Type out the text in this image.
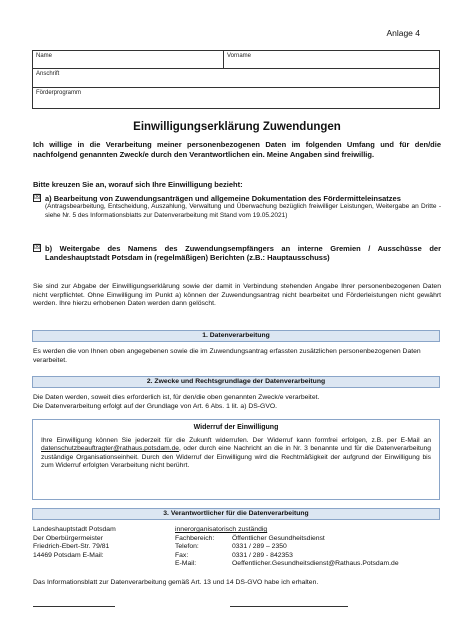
Anlage 4
Name	Vorname
Anschrift
Förderprogramm
Einwilligungserklärung Zuwendungen
Ich willige in die Verarbeitung meiner personenbezogenen Daten im folgenden Umfang und für den/die nachfolgend genannten Zweck/e durch den Verantwortlichen ein. Meine Angaben sind freiwillig.
Bitte kreuzen Sie an, worauf sich Ihre Einwilligung bezieht:
☒ a) Bearbeitung von Zuwendungsanträgen und allgemeine Dokumentation des Fördermitteleinsatzes
(Antragsbearbeitung, Entscheidung, Auszahlung, Verwaltung und Überwachung bezüglich freiwilliger Leistungen, Weitergabe an Dritte - siehe Nr. 5 des Informationsblatts zur Datenverarbeitung mit Stand vom 19.05.2021)
☒ b) Weitergabe des Namens des Zuwendungsempfängers an interne Gremien / Ausschüsse der Landeshauptstadt Potsdam in (regelmäßigen) Berichten (z.B.: Hauptausschuss)
Sie sind zur Abgabe der Einwilligungserklärung sowie der damit in Verbindung stehenden Angabe Ihrer personenbezogenen Daten nicht verpflichtet. Ohne Einwilligung im Punkt a) können der Zuwendungsantrag nicht bearbeitet und Förderleistungen nicht gewährt werden. Ihre hierzu erhobenen Daten werden dann gelöscht.
1. Datenverarbeitung
Es werden die von Ihnen oben angegebenen sowie die im Zuwendungsantrag erfassten zusätzlichen personenbezogenen Daten verarbeitet.
2. Zwecke und Rechtsgrundlage der Datenverarbeitung
Die Daten werden, soweit dies erforderlich ist, für den/die oben genannten Zweck/e verarbeitet.
Die Datenverarbeitung erfolgt auf der Grundlage von Art. 6 Abs. 1 lit. a) DS-GVO.
Widerruf der Einwilligung
Ihre Einwilligung können Sie jederzeit für die Zukunft widerrufen. Der Widerruf kann formfrei erfolgen, z.B. per E-Mail an datenschutzbeauftragter@rathaus.potsdam.de, oder durch eine Nachricht an die in Nr. 3 benannte und für die Datenverarbeitung zuständige Organisationseinheit. Durch den Widerruf der Einwilligung wird die Rechtmäßigkeit der aufgrund der Einwilligung bis zum Widerruf erfolgten Verarbeitung nicht berührt.
3. Verantwortlicher für die Datenverarbeitung
Landeshauptstadt Potsdam
Der Oberbürgermeister
Friedrich-Ebert-Str. 79/81
14469 Potsdam E-Mail:
innerorganisatorisch zuständig
Fachbereich:	Öffentlicher Gesundheitsdienst
Telefon:	0331 / 289 – 2350
Fax:	0331 / 289 - 842353
E-Mail:	Oeffentlicher.Gesundheitsdienst@Rathaus.Potsdam.de
Das Informationsblatt zur Datenverarbeitung gemäß Art. 13 und 14 DS-GVO habe ich erhalten.
